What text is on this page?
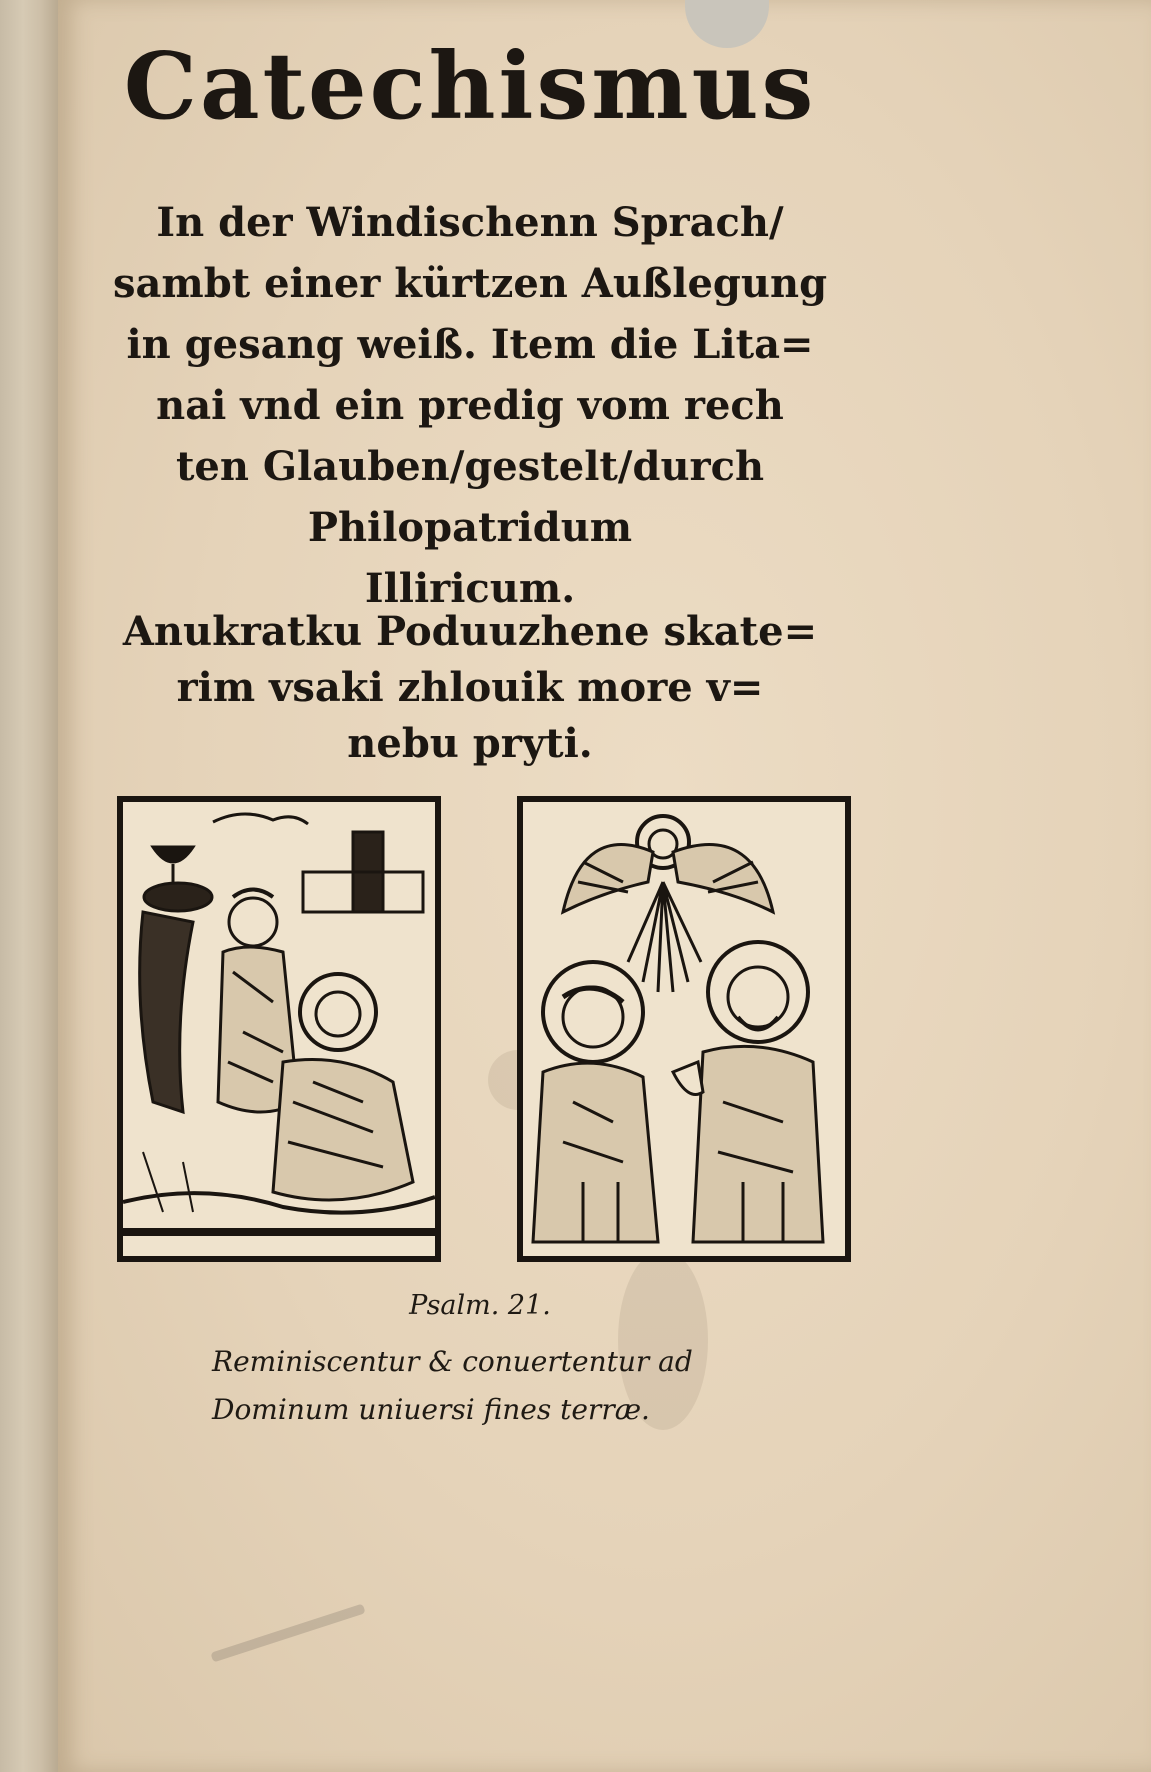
Catechismus
In der Windischenn Sprach/
sambt einer kürtzen Außlegung
in gesang weiß. Item die Lita=
nai vnd ein predig vom rech
ten Glauben/gestelt/durch
Philopatridum
Illiricum.
Anukratku Poduuzhene skate=
rim vsaki zhlouik more v=
nebu pryti.
Psalm. 21.
Reminiscentur & conuertentur ad
Dominum uniuersi fines terræ.
